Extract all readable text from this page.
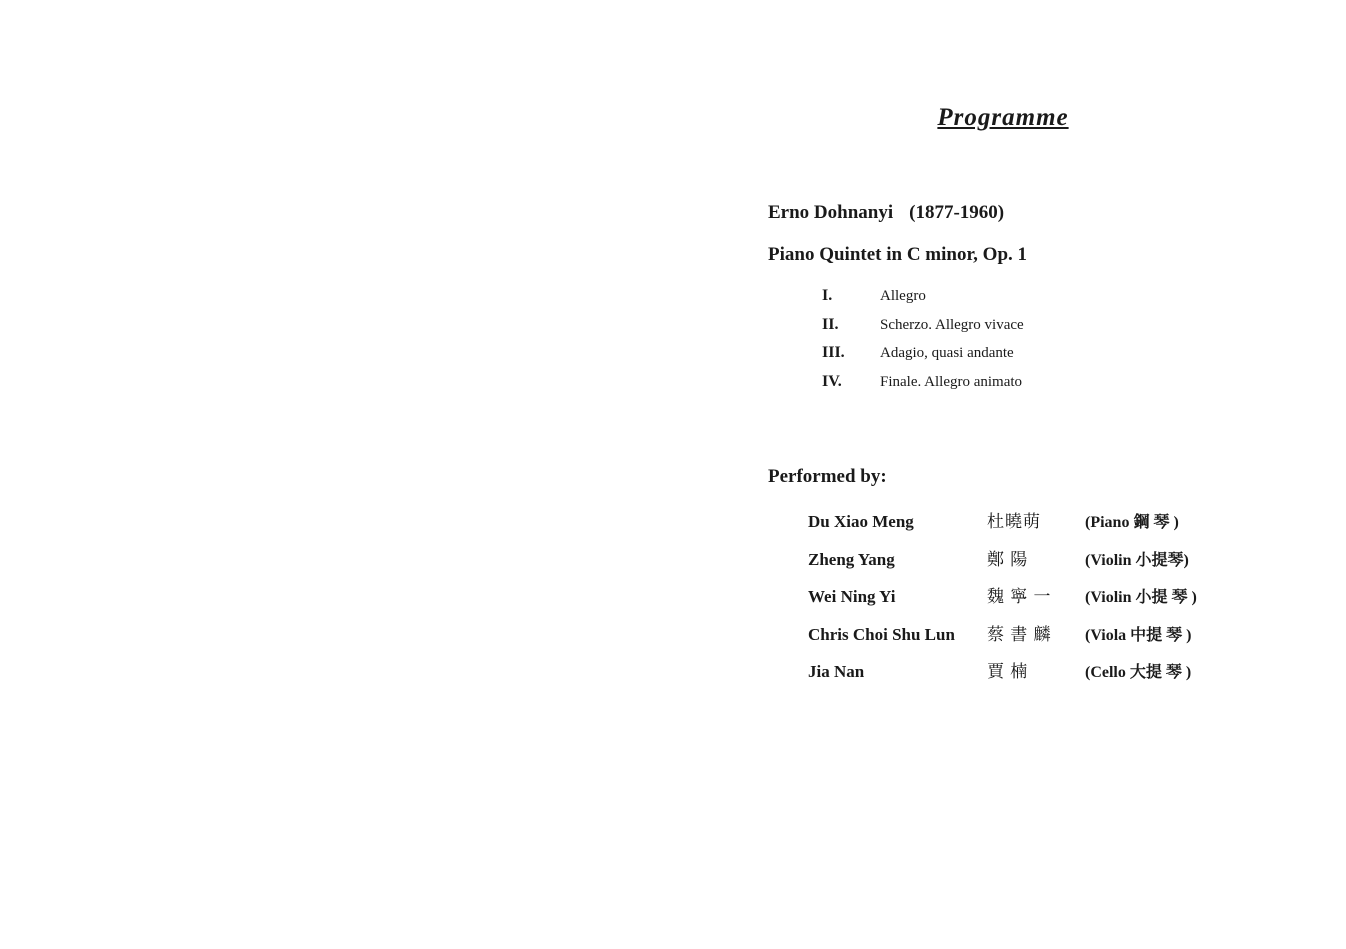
Programme
Erno Dohnanyi (1877-1960)
Piano Quintet in C minor, Op. 1
I.	Allegro
II.	Scherzo. Allegro vivace
III.	Adagio, quasi andante
IV.	Finale. Allegro animato
Performed by:
Du Xiao Meng	杜曉萌	(Piano 鋼 琴 )
Zheng Yang	鄭 陽	(Violin 小提琴)
Wei Ning Yi	魏 寧 一	(Violin 小提 琴 )
Chris Choi Shu Lun	蔡 書 麟	(Viola 中提 琴 )
Jia Nan	賈 楠	(Cello 大提 琴 )
